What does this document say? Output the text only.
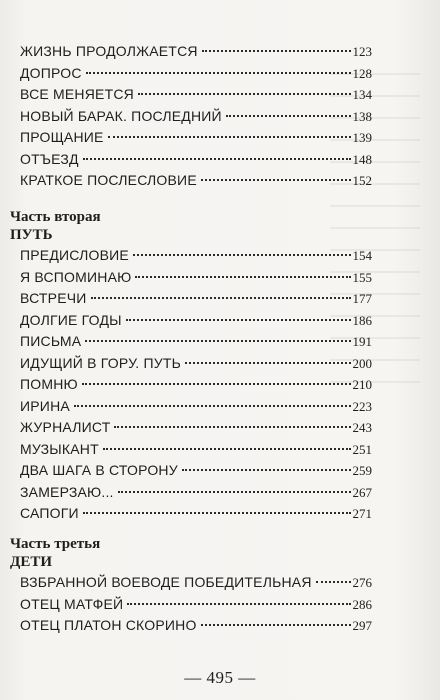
ЖИЗНЬ ПРОДОЛЖАЕТСЯ	123
ДОПРОС	128
ВСЕ МЕНЯЕТСЯ	134
НОВЫЙ БАРАК. ПОСЛЕДНИЙ	138
ПРОЩАНИЕ	139
ОТЪЕЗД	148
КРАТКОЕ ПОСЛЕСЛОВИЕ	152
Часть вторая
ПУТЬ
ПРЕДИСЛОВИЕ	154
Я ВСПОМИНАЮ	155
ВСТРЕЧИ	177
ДОЛГИЕ ГОДЫ	186
ПИСЬМА	191
ИДУЩИЙ В ГОРУ. ПУТЬ	200
ПОМНЮ	210
ИРИНА	223
ЖУРНАЛИСТ	243
МУЗЫКАНТ	251
ДВА ШАГА В СТОРОНУ	259
ЗАМЕРЗАЮ...	267
САПОГИ	271
Часть третья
ДЕТИ
ВЗБРАННОЙ ВОЕВОДЕ ПОБЕДИТЕЛЬНАЯ	276
ОТЕЦ МАТФЕЙ	286
ОТЕЦ ПЛАТОН СКОРИНО	297
— 495 —
